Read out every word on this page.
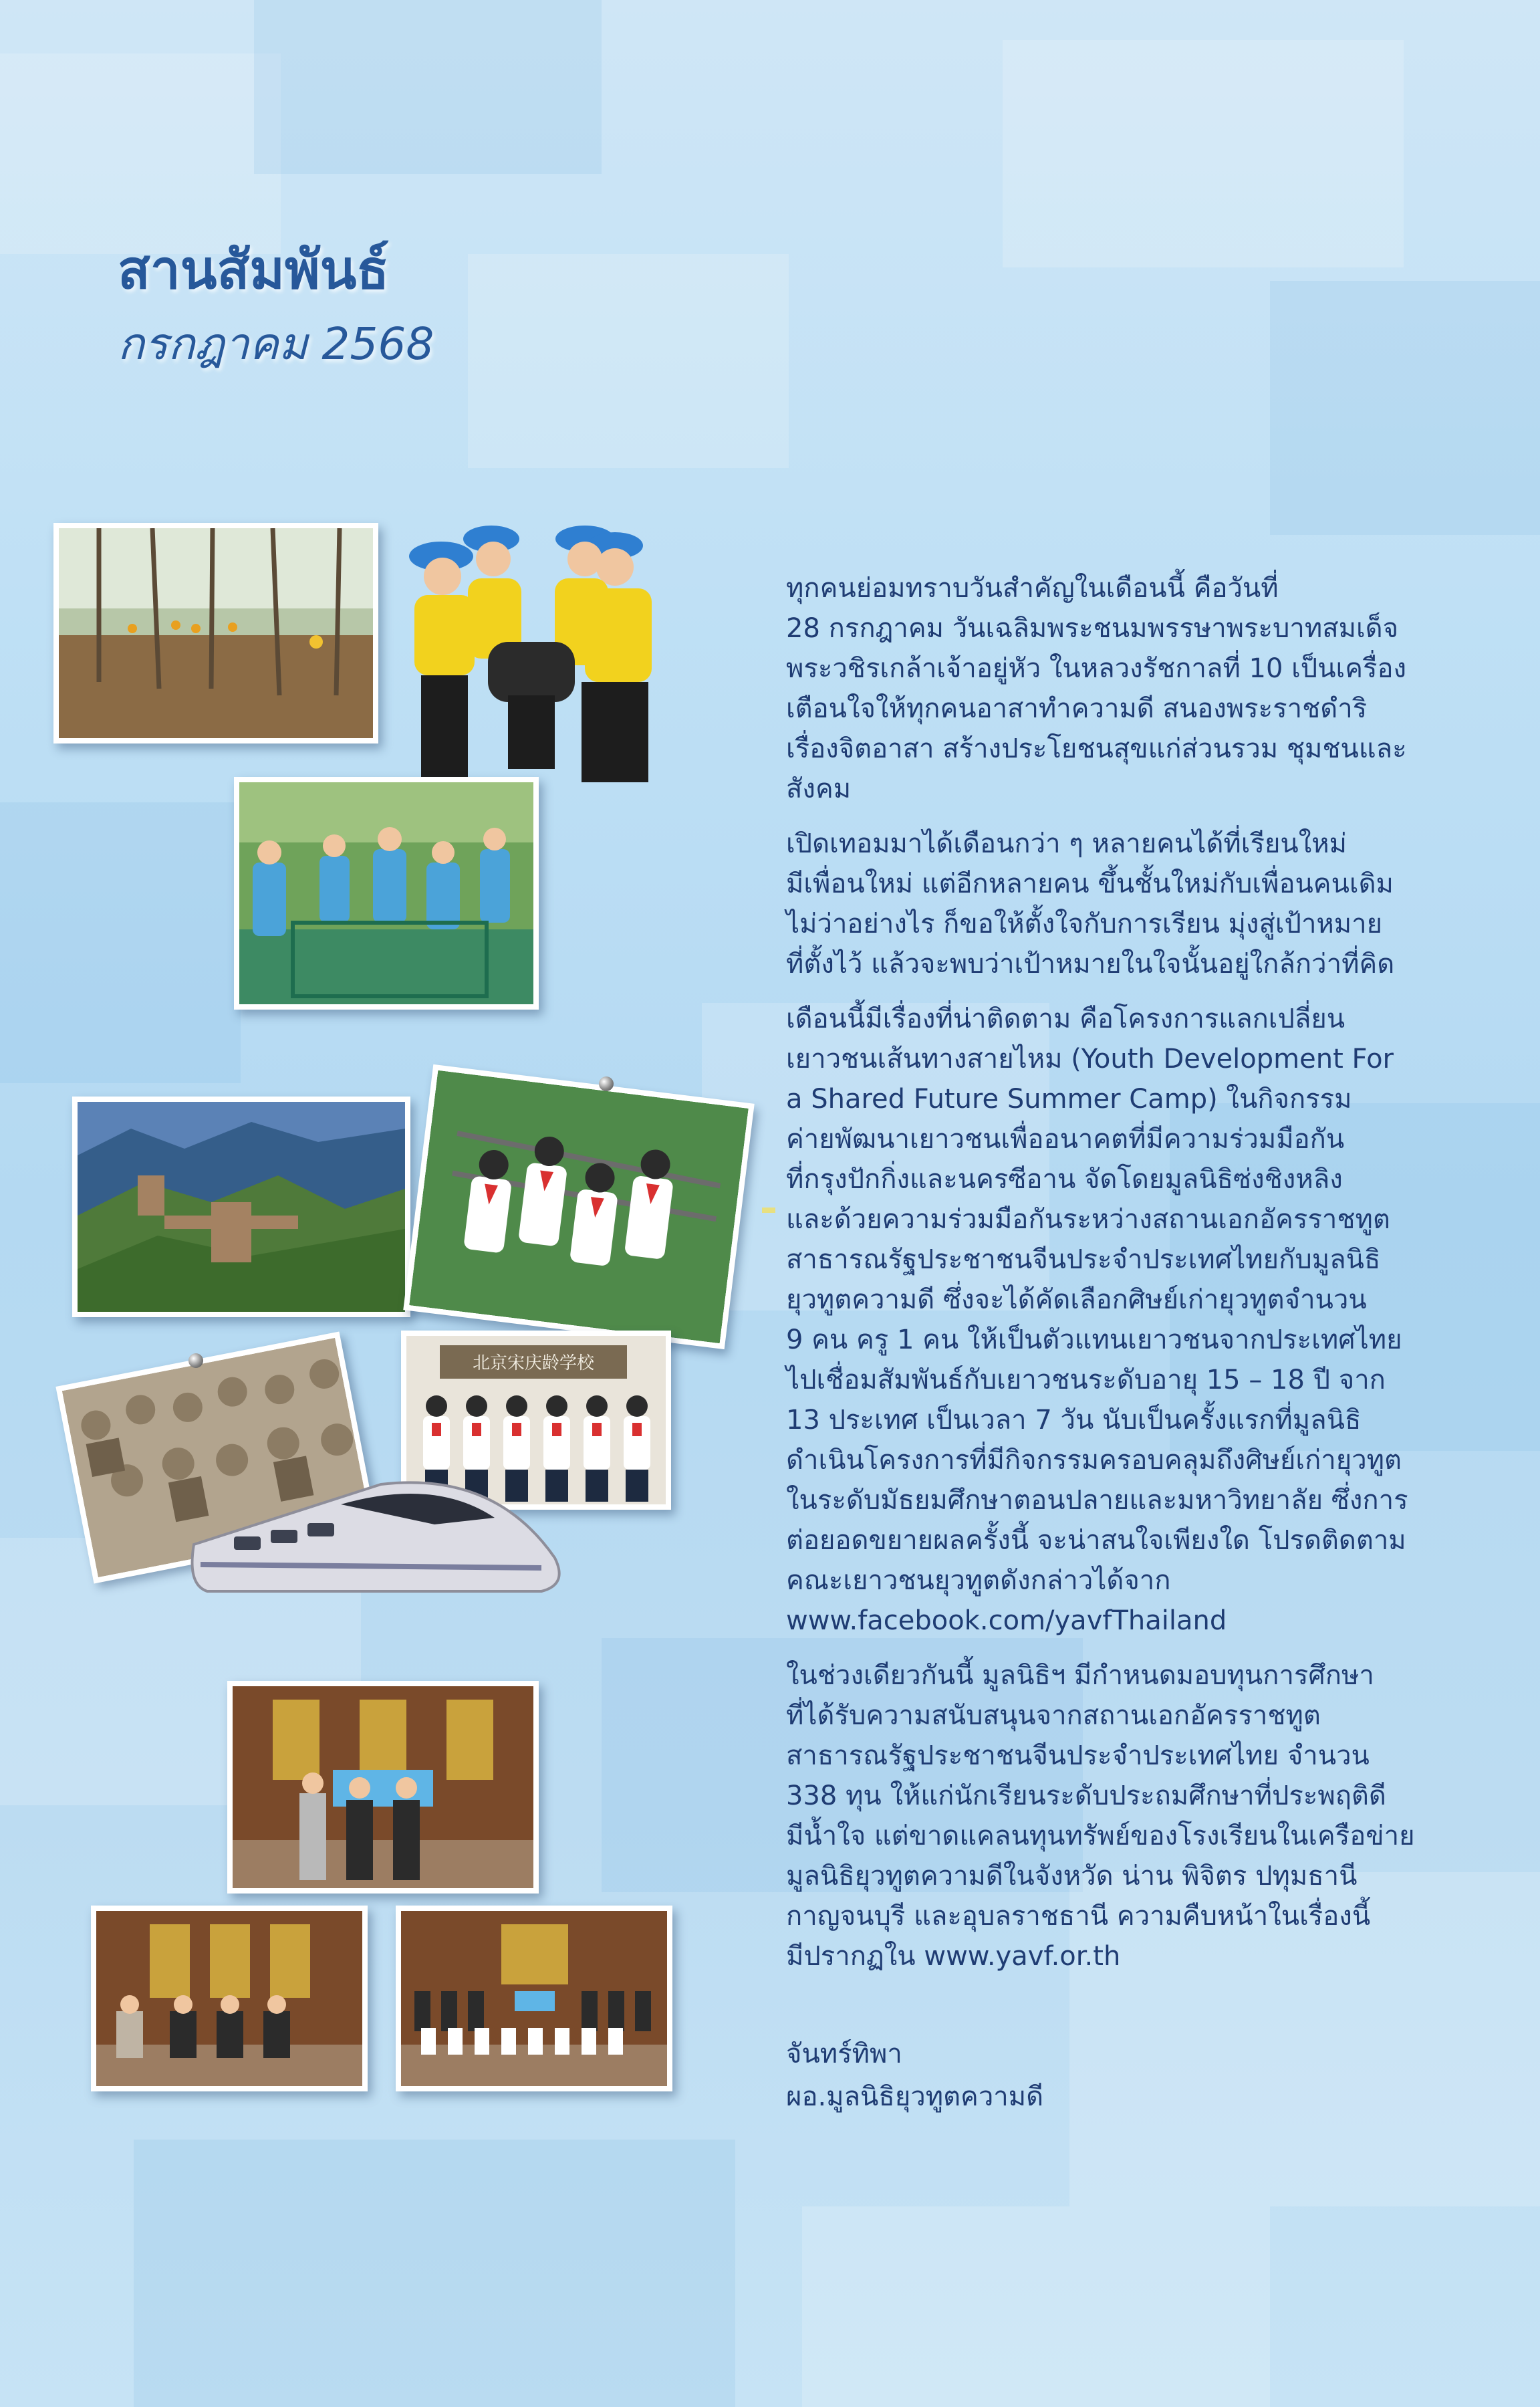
สานสัมพันธ์
กรกฎาคม 2568
北京宋庆龄学校

ทุกคนย่อมทราบวันสำคัญในเดือนนี้ คือวันที่
28 กรกฎาคม วันเฉลิมพระชนมพรรษาพระบาทสมเด็จ
พระวชิรเกล้าเจ้าอยู่หัว ในหลวงรัชกาลที่ 10 เป็นเครื่อง
เตือนใจให้ทุกคนอาสาทำความดี สนองพระราชดำริ
เรื่องจิตอาสา สร้างประโยชนสุขแก่ส่วนรวม ชุมชนและ
สังคม

เปิดเทอมมาได้เดือนกว่า ๆ หลายคนได้ที่เรียนใหม่
มีเพื่อนใหม่ แต่อีกหลายคน ขึ้นชั้นใหม่กับเพื่อนคนเดิม
ไม่ว่าอย่างไร ก็ขอให้ตั้งใจกับการเรียน มุ่งสู่เป้าหมาย
ที่ตั้งไว้ แล้วจะพบว่าเป้าหมายในใจนั้นอยู่ใกล้กว่าที่คิด

เดือนนี้มีเรื่องที่น่าติดตาม คือโครงการแลกเปลี่ยน
เยาวชนเส้นทางสายไหม (Youth Development For
a Shared Future Summer Camp) ในกิจกรรม
ค่ายพัฒนาเยาวชนเพื่ออนาคตที่มีความร่วมมือกัน
ที่กรุงปักกิ่งและนครซีอาน จัดโดยมูลนิธิซ่งชิงหลิง
และด้วยความร่วมมือกันระหว่างสถานเอกอัครราชทูต
สาธารณรัฐประชาชนจีนประจำประเทศไทยกับมูลนิธิ
ยุวทูตความดี ซึ่งจะได้คัดเลือกศิษย์เก่ายุวทูตจำนวน
9 คน ครู 1 คน ให้เป็นตัวแทนเยาวชนจากประเทศไทย
ไปเชื่อมสัมพันธ์กับเยาวชนระดับอายุ 15 – 18 ปี จาก
13 ประเทศ เป็นเวลา 7 วัน นับเป็นครั้งแรกที่มูลนิธิ
ดำเนินโครงการที่มีกิจกรรมครอบคลุมถึงศิษย์เก่ายุวทูต
ในระดับมัธยมศึกษาตอนปลายและมหาวิทยาลัย ซึ่งการ
ต่อยอดขยายผลครั้งนี้ จะน่าสนใจเพียงใด โปรดติดตาม
คณะเยาวชนยุวทูตดังกล่าวได้จาก
www.facebook.com/yavfThailand

ในช่วงเดียวกันนี้ มูลนิธิฯ มีกำหนดมอบทุนการศึกษา
ที่ได้รับความสนับสนุนจากสถานเอกอัครราชทูต
สาธารณรัฐประชาชนจีนประจำประเทศไทย จำนวน
338 ทุน ให้แก่นักเรียนระดับประถมศึกษาที่ประพฤติดี
มีน้ำใจ แต่ขาดแคลนทุนทรัพย์ของโรงเรียนในเครือข่าย
มูลนิธิยุวทูตความดีในจังหวัด น่าน พิจิตร ปทุมธานี
กาญจนบุรี และอุบลราชธานี ความคืบหน้าในเรื่องนี้
มีปรากฏใน www.yavf.or.th

จันทร์ทิพา
ผอ.มูลนิธิยุวทูตความดี
